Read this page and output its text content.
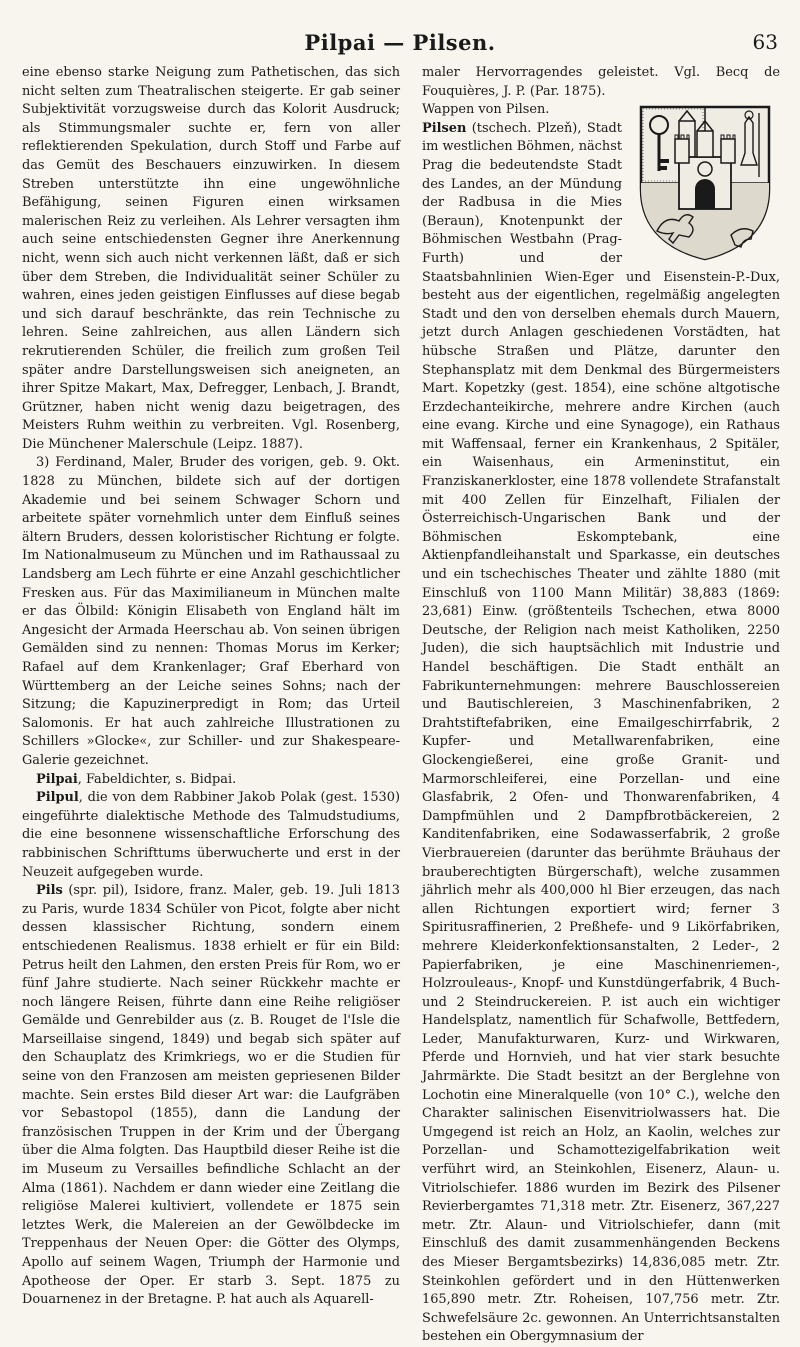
Pilpai — Pilsen.	63

eine ebenso starke Neigung zum Pathetischen, das sich nicht selten zum Theatralischen steigerte. Er gab seiner Subjektivität vorzugsweise durch das Kolorit Ausdruck; als Stimmungsmaler suchte er, fern von aller reflektierenden Spekulation, durch Stoff und Farbe auf das Gemüt des Beschauers einzuwirken. In diesem Streben unterstützte ihn eine ungewöhnliche Befähigung, seinen Figuren einen wirksamen malerischen Reiz zu verleihen. Als Lehrer versagten ihm auch seine entschiedensten Gegner ihre Anerkennung nicht, wenn sich auch nicht verkennen läßt, daß er sich über dem Streben, die Individualität seiner Schüler zu wahren, eines jeden geistigen Einflusses auf diese begab und sich darauf beschränkte, das rein Technische zu lehren. Seine zahlreichen, aus allen Ländern sich rekrutierenden Schüler, die freilich zum großen Teil später andre Darstellungsweisen sich aneigneten, an ihrer Spitze Makart, Max, Defregger, Lenbach, J. Brandt, Grützner, haben nicht wenig dazu beigetragen, des Meisters Ruhm weithin zu verbreiten. Vgl. Rosenberg, Die Münchener Malerschule (Leipz. 1887).

3) Ferdinand, Maler, Bruder des vorigen, geb. 9. Okt. 1828 zu München, bildete sich auf der dortigen Akademie und bei seinem Schwager Schorn und arbeitete später vornehmlich unter dem Einfluß seines ältern Bruders, dessen koloristischer Richtung er folgte. Im Nationalmuseum zu München und im Rathaussaal zu Landsberg am Lech führte er eine Anzahl geschichtlicher Fresken aus. Für das Maximilianeum in München malte er das Ölbild: Königin Elisabeth von England hält im Angesicht der Armada Heerschau ab. Von seinen übrigen Gemälden sind zu nennen: Thomas Morus im Kerker; Rafael auf dem Krankenlager; Graf Eberhard von Württemberg an der Leiche seines Sohns; nach der Sitzung; die Kapuzinerpredigt in Rom; das Urteil Salomonis. Er hat auch zahlreiche Illustrationen zu Schillers »Glocke«, zur Schiller- und zur Shakespeare-Galerie gezeichnet.

Pilpai, Fabeldichter, s. Bidpai.

Pilpul, die von dem Rabbiner Jakob Polak (gest. 1530) eingeführte dialektische Methode des Talmudstudiums, die eine besonnene wissenschaftliche Erforschung des rabbinischen Schrifttums überwucherte und erst in der Neuzeit aufgegeben wurde.

Pils (spr. pil), Isidore, franz. Maler, geb. 19. Juli 1813 zu Paris, wurde 1834 Schüler von Picot, folgte aber nicht dessen klassischer Richtung, sondern einem entschiedenen Realismus. 1838 erhielt er für ein Bild: Petrus heilt den Lahmen, den ersten Preis für Rom, wo er fünf Jahre studierte. Nach seiner Rückkehr machte er noch längere Reisen, führte dann eine Reihe religiöser Gemälde und Genrebilder aus (z. B. Rouget de l'Isle die Marseillaise singend, 1849) und begab sich später auf den Schauplatz des Krimkriegs, wo er die Studien für seine von den Franzosen am meisten gepriesenen Bilder machte. Sein erstes Bild dieser Art war: die Laufgräben vor Sebastopol (1855), dann die Landung der französischen Truppen in der Krim und der Übergang über die Alma folgten. Das Hauptbild dieser Reihe ist die im Museum zu Versailles befindliche Schlacht an der Alma (1861). Nachdem er dann wieder eine Zeitlang die religiöse Malerei kultiviert, vollendete er 1875 sein letztes Werk, die Malereien an der Gewölbdecke im Treppenhaus der Neuen Oper: die Götter des Olymps, Apollo auf seinem Wagen, Triumph der Harmonie und Apotheose der Oper. Er starb 3. Sept. 1875 zu Douarnenez in der Bretagne. P. hat auch als Aquarell-

maler Hervorragendes geleistet. Vgl. Becq de Fouquières, J. P. (Par. 1875).

Wappen von Pilsen.
Pilsen (tschech. Plzeň), Stadt im westlichen Böhmen, nächst Prag die bedeutendste Stadt des Landes, an der Mündung der Radbusa in die Mies (Beraun), Knotenpunkt der Böhmischen Westbahn (Prag-Furth) und der Staatsbahnlinien Wien-Eger und Eisenstein-P.-Dux, besteht aus der eigentlichen, regelmäßig angelegten Stadt und den von derselben ehemals durch Mauern, jetzt durch Anlagen geschiedenen Vorstädten, hat hübsche Straßen und Plätze, darunter den Stephansplatz mit dem Denkmal des Bürgermeisters Mart. Kopetzky (gest. 1854), eine schöne altgotische Erzdechanteikirche, mehrere andre Kirchen (auch eine evang. Kirche und eine Synagoge), ein Rathaus mit Waffensaal, ferner ein Krankenhaus, 2 Spitäler, ein Waisenhaus, ein Armeninstitut, ein Franziskanerkloster, eine 1878 vollendete Strafanstalt mit 400 Zellen für Einzelhaft, Filialen der Österreichisch-Ungarischen Bank und der Böhmischen Eskomptebank, eine Aktienpfandleihanstalt und Sparkasse, ein deutsches und ein tschechisches Theater und zählte 1880 (mit Einschluß von 1100 Mann Militär) 38,883 (1869: 23,681) Einw. (größtenteils Tschechen, etwa 8000 Deutsche, der Religion nach meist Katholiken, 2250 Juden), die sich hauptsächlich mit Industrie und Handel beschäftigen. Die Stadt enthält an Fabrikunternehmungen: mehrere Bauschlossereien und Bautischlereien, 3 Maschinenfabriken, 2 Drahtstiftefabriken, eine Emailgeschirrfabrik, 2 Kupfer- und Metallwarenfabriken, eine Glockengießerei, eine große Granit- und Marmorschleiferei, eine Porzellan- und eine Glasfabrik, 2 Ofen- und Thonwarenfabriken, 4 Dampfmühlen und 2 Dampfbrotbäckereien, 2 Kanditenfabriken, eine Sodawasserfabrik, 2 große Vierbrauereien (darunter das berühmte Bräuhaus der brauberechtigten Bürgerschaft), welche zusammen jährlich mehr als 400,000 hl Bier erzeugen, das nach allen Richtungen exportiert wird; ferner 3 Spiritusraffinerien, 2 Preßhefe- und 9 Likörfabriken, mehrere Kleiderkonfektionsanstalten, 2 Leder-, 2 Papierfabriken, je eine Maschinenriemen-, Holzrouleaus-, Knopf- und Kunstdüngerfabrik, 4 Buch- und 2 Steindruckereien. P. ist auch ein wichtiger Handelsplatz, namentlich für Schafwolle, Bettfedern, Leder, Manufakturwaren, Kurz- und Wirkwaren, Pferde und Hornvieh, und hat vier stark besuchte Jahrmärkte. Die Stadt besitzt an der Berglehne von Lochotin eine Mineralquelle (von 10° C.), welche den Charakter salinischen Eisenvitriolwassers hat. Die Umgegend ist reich an Holz, an Kaolin, welches zur Porzellan- und Schamottezigelfabrikation weit verführt wird, an Steinkohlen, Eisenerz, Alaun- u. Vitriolschiefer. 1886 wurden im Bezirk des Pilsener Revierbergamtes 71,318 metr. Ztr. Eisenerz, 367,227 metr. Ztr. Alaun- und Vitriolschiefer, dann (mit Einschluß des damit zusammenhängenden Beckens des Mieser Bergamtsbezirks) 14,836,085 metr. Ztr. Steinkohlen gefördert und in den Hüttenwerken 165,890 metr. Ztr. Roheisen, 107,756 metr. Ztr. Schwefelsäure 2c. gewonnen. An Unterrichtsanstalten bestehen ein Obergymnasium der
